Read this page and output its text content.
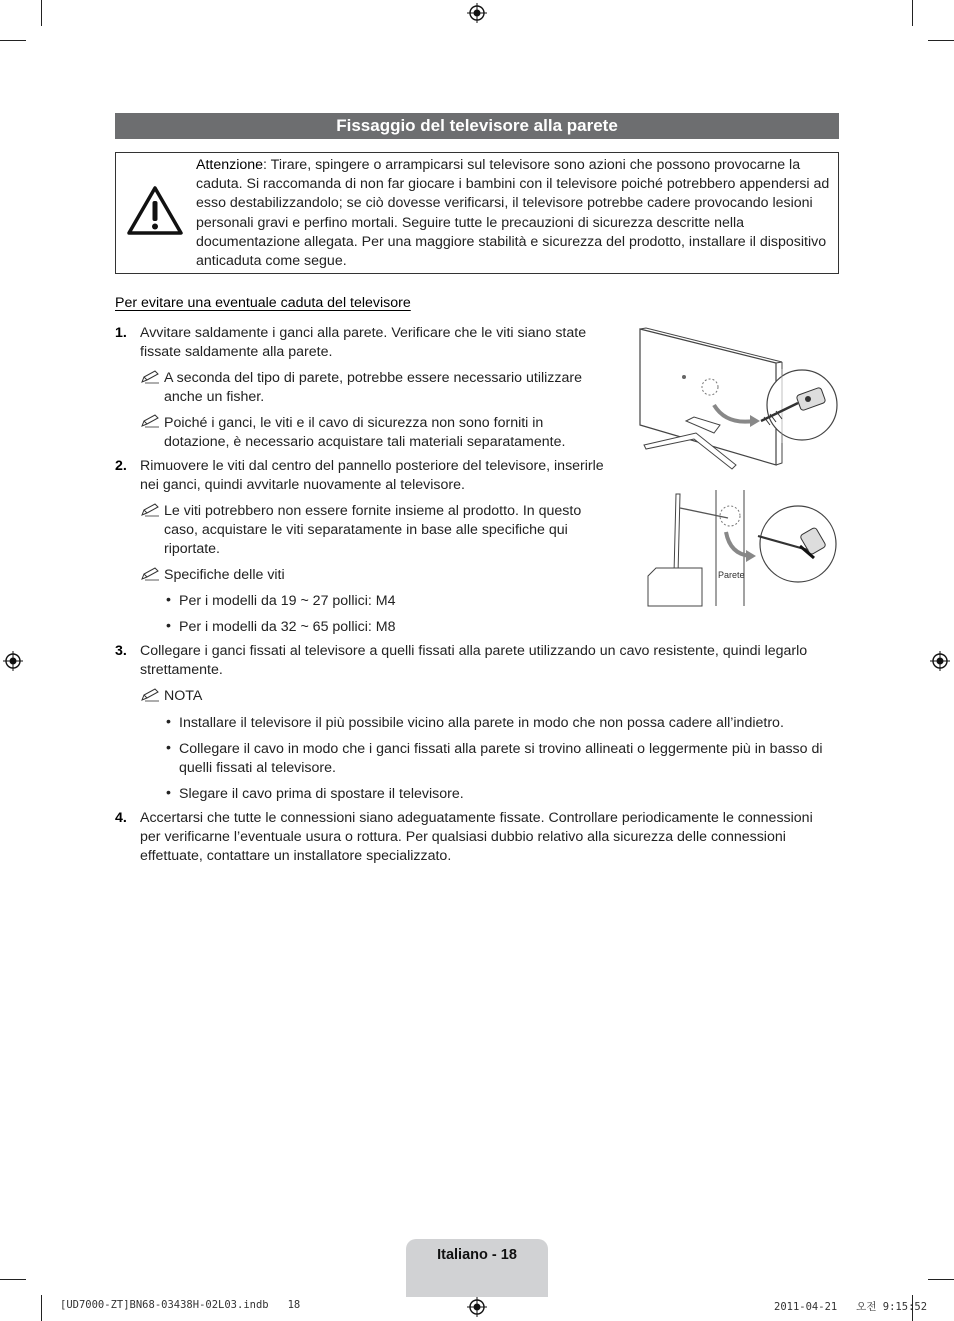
Fissaggio del televisore alla parete
Attenzione: Tirare, spingere o arrampicarsi sul televisore sono azioni che possono provocarne la caduta. Si raccomanda di non far giocare i bambini con il televisore poiché potrebbero appendersi ad esso destabilizzandolo; se ciò dovesse verificarsi, il televisore potrebbe cadere provocando lesioni personali gravi e perfino mortali. Seguire tutte le precauzioni di sicurezza descritte nella documentazione allegata. Per una maggiore stabilità e sicurezza del prodotto, installare il dispositivo anticaduta come segue.
Per evitare una eventuale caduta del televisore
1. Avvitare saldamente i ganci alla parete. Verificare che le viti siano state fissate saldamente alla parete.
A seconda del tipo di parete, potrebbe essere necessario utilizzare anche un fisher.
Poiché i ganci, le viti e il cavo di sicurezza non sono forniti in dotazione, è necessario acquistare tali materiali separatamente.
2. Rimuovere le viti dal centro del pannello posteriore del televisore, inserirle nei ganci, quindi avvitarle nuovamente al televisore.
Le viti potrebbero non essere fornite insieme al prodotto. In questo caso, acquistare le viti separatamente in base alle specifiche qui riportate.
Specifiche delle viti
• Per i modelli da 19 ~ 27 pollici: M4
• Per i modelli da 32 ~ 65 pollici: M8
3. Collegare i ganci fissati al televisore a quelli fissati alla parete utilizzando un cavo resistente, quindi legarlo strettamente.
NOTA
• Installare il televisore il più possibile vicino alla parete in modo che non possa cadere all’indietro.
• Collegare il cavo in modo che i ganci fissati alla parete si trovino allineati o leggermente più in basso di quelli fissati al televisore.
• Slegare il cavo prima di spostare il televisore.
4. Accertarsi che tutte le connessioni siano adeguatamente fissate. Controllare periodicamente le connessioni per verificarne l’eventuale usura o rottura. Per qualsiasi dubbio relativo alla sicurezza delle connessioni effettuate, contattare un installatore specializzato.
Parete
Italiano - 18
[UD7000-ZT]BN68-03438H-02L03.indb   18	2011-04-21   오전 9:15:52
